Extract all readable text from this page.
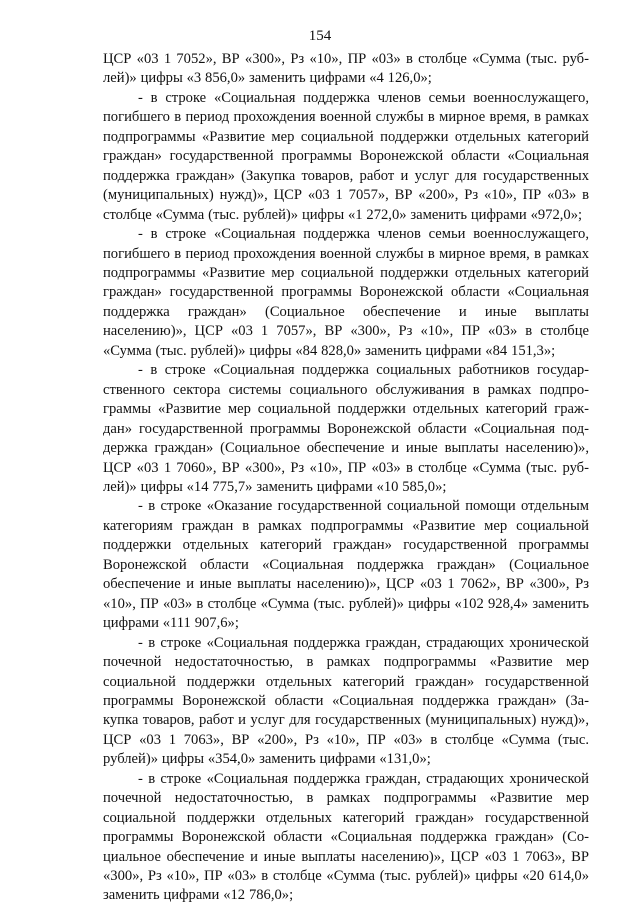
154

ЦСР «03 1 7052», ВР «300», Рз «10», ПР «03» в столбце «Сумма (тыс. рублей)» цифры «3 856,0» заменить цифрами «4 126,0»;

- в строке «Социальная поддержка членов семьи военнослужащего, погибшего в период прохождения военной службы в мирное время, в рамках подпрограммы «Развитие мер социальной поддержки отдельных категорий граждан» государственной программы Воронежской области «Социальная поддержка граждан» (Закупка товаров, работ и услуг для государственных (муниципальных) нужд)», ЦСР «03 1 7057», ВР «200», Рз «10», ПР «03» в столбце «Сумма (тыс. рублей)» цифры «1 272,0» заменить цифрами «972,0»;

- в строке «Социальная поддержка членов семьи военнослужащего, погибшего в период прохождения военной службы в мирное время, в рамках подпрограммы «Развитие мер социальной поддержки отдельных категорий граждан» государственной программы Воронежской области «Социальная поддержка граждан» (Социальное обеспечение и иные выплаты населению)», ЦСР «03 1 7057», ВР «300», Рз «10», ПР «03» в столбце «Сумма (тыс. рублей)» цифры «84 828,0» заменить цифрами «84 151,3»;

- в строке «Социальная поддержка социальных работников государственного сектора системы социального обслуживания в рамках подпрограммы «Развитие мер социальной поддержки отдельных категорий граждан» государственной программы Воронежской области «Социальная поддержка граждан» (Социальное обеспечение и иные выплаты населению)», ЦСР «03 1 7060», ВР «300», Рз «10», ПР «03» в столбце «Сумма (тыс. рублей)» цифры «14 775,7» заменить цифрами «10 585,0»;

- в строке «Оказание государственной социальной помощи отдельным категориям граждан в рамках подпрограммы «Развитие мер социальной поддержки отдельных категорий граждан» государственной программы Воронежской области «Социальная поддержка граждан» (Социальное обеспечение и иные выплаты населению)», ЦСР «03 1 7062», ВР «300», Рз «10», ПР «03» в столбце «Сумма (тыс. рублей)» цифры «102 928,4» заменить цифрами «111 907,6»;

- в строке «Социальная поддержка граждан, страдающих хронической почечной недостаточностью, в рамках подпрограммы «Развитие мер социальной поддержки отдельных категорий граждан» государственной программы Воронежской области «Социальная поддержка граждан» (Закупка товаров, работ и услуг для государственных (муниципальных) нужд)», ЦСР «03 1 7063», ВР «200», Рз «10», ПР «03» в столбце «Сумма (тыс. рублей)» цифры «354,0» заменить цифрами «131,0»;

- в строке «Социальная поддержка граждан, страдающих хронической почечной недостаточностью, в рамках подпрограммы «Развитие мер социальной поддержки отдельных категорий граждан» государственной программы Воронежской области «Социальная поддержка граждан» (Социальное обеспечение и иные выплаты населению)», ЦСР «03 1 7063», ВР «300», Рз «10», ПР «03» в столбце «Сумма (тыс. рублей)» цифры «20 614,0» заменить цифрами «12 786,0»;
